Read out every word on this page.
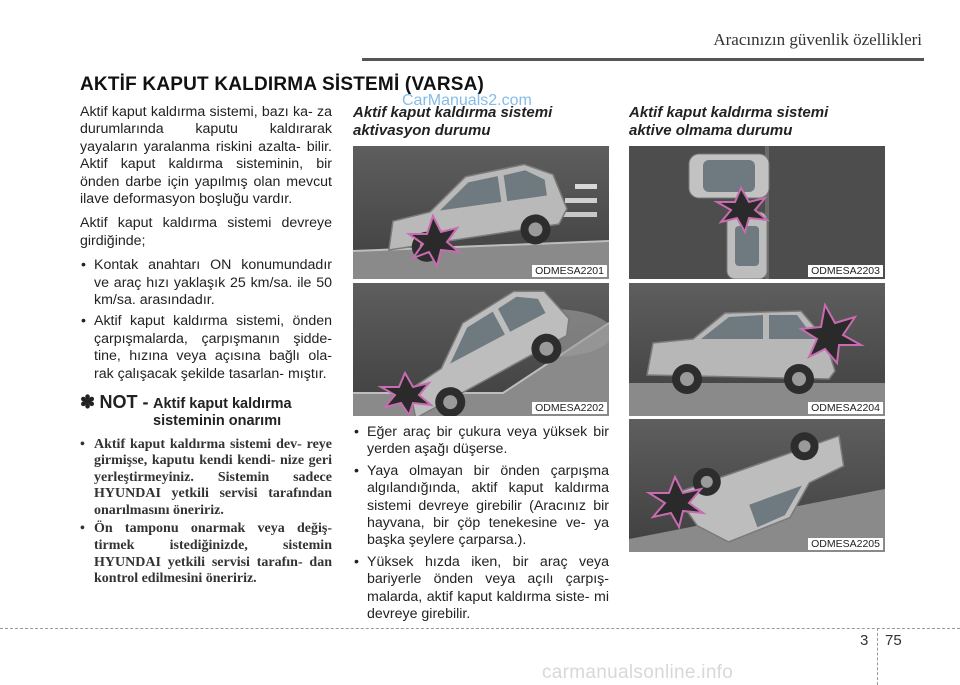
Aracınızın güvenlik özellikleri
AKTİF KAPUT KALDIRMA SİSTEMİ (VARSA)
CarManuals2.com

Aktif kaput kaldırma sistemi, bazı ka- za durumlarında kaputu kaldırarak yayaların yaralanma riskini azalta- bilir. Aktif kaput kaldırma sisteminin, bir önden darbe için yapılmış olan mevcut ilave deformasyon boşluğu vardır.

Aktif kaput kaldırma sistemi devreye girdiğinde;

• Kontak anahtarı ON konumundadır ve araç hızı yaklaşık 25 km/sa. ile 50 km/sa. arasındadır.
• Aktif kaput kaldırma sistemi, önden çarpışmalarda, çarpışmanın şidde- tine, hızına veya açısına bağlı ola- rak çalışacak şekilde tasarlan- mıştır.
✽ NOT - Aktif kaput kaldırma
sisteminin onarımı
• Aktif kaput kaldırma sistemi dev- reye girmişse, kaputu kendi kendi- nize geri yerleştirmeyiniz. Sistemin sadece HYUNDAI yetkili servisi tarafından onarılmasını öneririz.
• Ön tamponu onarmak veya değiş- tirmek istediğinizde, sistemin HYUNDAI yetkili servisi tarafın- dan kontrol edilmesini öneririz.
Aktif kaput kaldırma sistemi
aktivasyon durumu
ODMESA2201
ODMESA2202
• Eğer araç bir çukura veya yüksek bir yerden aşağı düşerse.
• Yaya olmayan bir önden çarpışma algılandığında, aktif kaput kaldırma sistemi devreye girebilir (Aracınız bir hayvana, bir çöp tenekesine ve- ya başka şeylere çarparsa.).
• Yüksek hızda iken, bir araç veya bariyerle önden veya açılı çarpış- malarda, aktif kaput kaldırma siste- mi devreye girebilir.
Aktif kaput kaldırma sistemi
aktive olmama durumu
ODMESA2203
ODMESA2204
ODMESA2205
3 75
carmanualsonline.info
